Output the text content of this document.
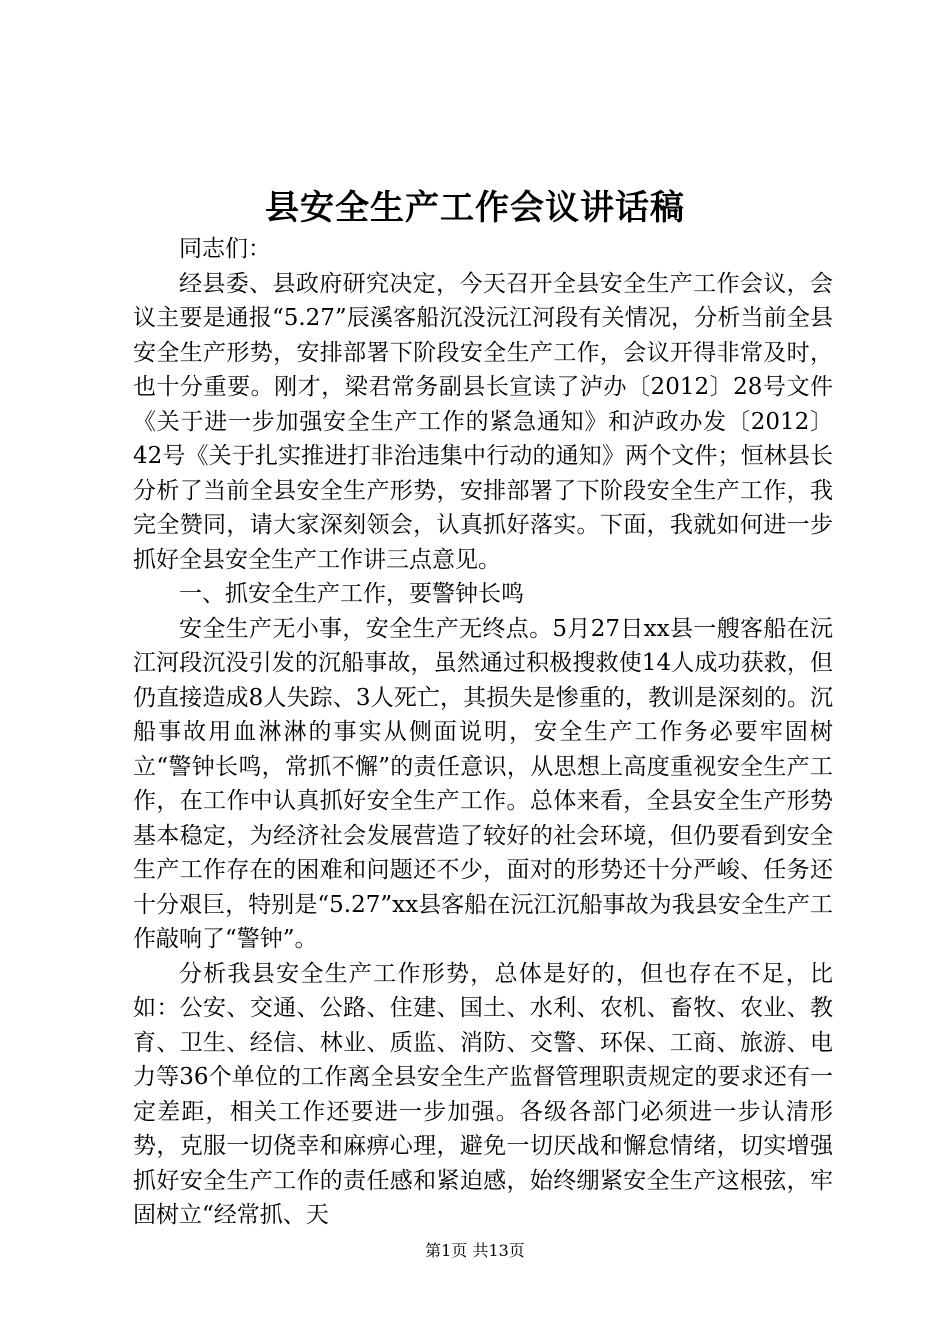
县安全生产工作会议讲话稿

同志们：

经县委、县政府研究决定，今天召开全县安全生产工作会议，会议主要是通报“5.27”辰溪客船沉没沅江河段有关情况，分析当前全县安全生产形势，安排部署下阶段安全生产工作，会议开得非常及时，也十分重要。刚才，梁君常务副县长宣读了泸办〔2012〕28号文件《关于进一步加强安全生产工作的紧急通知》和泸政办发〔2012〕42号《关于扎实推进打非治违集中行动的通知》两个文件；恒林县长分析了当前全县安全生产形势，安排部署了下阶段安全生产工作，我完全赞同，请大家深刻领会，认真抓好落实。下面，我就如何进一步抓好全县安全生产工作讲三点意见。

一、抓安全生产工作，要警钟长鸣

安全生产无小事，安全生产无终点。5月27日xx县一艘客船在沅江河段沉没引发的沉船事故，虽然通过积极搜救使14人成功获救，但仍直接造成8人失踪、3人死亡，其损失是惨重的，教训是深刻的。沉船事故用血淋淋的事实从侧面说明，安全生产工作务必要牢固树立“警钟长鸣，常抓不懈”的责任意识，从思想上高度重视安全生产工作，在工作中认真抓好安全生产工作。总体来看，全县安全生产形势基本稳定，为经济社会发展营造了较好的社会环境，但仍要看到安全生产工作存在的困难和问题还不少，面对的形势还十分严峻、任务还十分艰巨，特别是“5.27”xx县客船在沅江沉船事故为我县安全生产工作敲响了“警钟”。

分析我县安全生产工作形势，总体是好的，但也存在不足，比如：公安、交通、公路、住建、国土、水利、农机、畜牧、农业、教育、卫生、经信、林业、质监、消防、交警、环保、工商、旅游、电力等36个单位的工作离全县安全生产监督管理职责规定的要求还有一定差距，相关工作还要进一步加强。各级各部门必须进一步认清形势，克服一切侥幸和麻痹心理，避免一切厌战和懈怠情绪，切实增强抓好安全生产工作的责任感和紧迫感，始终绷紧安全生产这根弦，牢固树立“经常抓、天

第1页 共13页
